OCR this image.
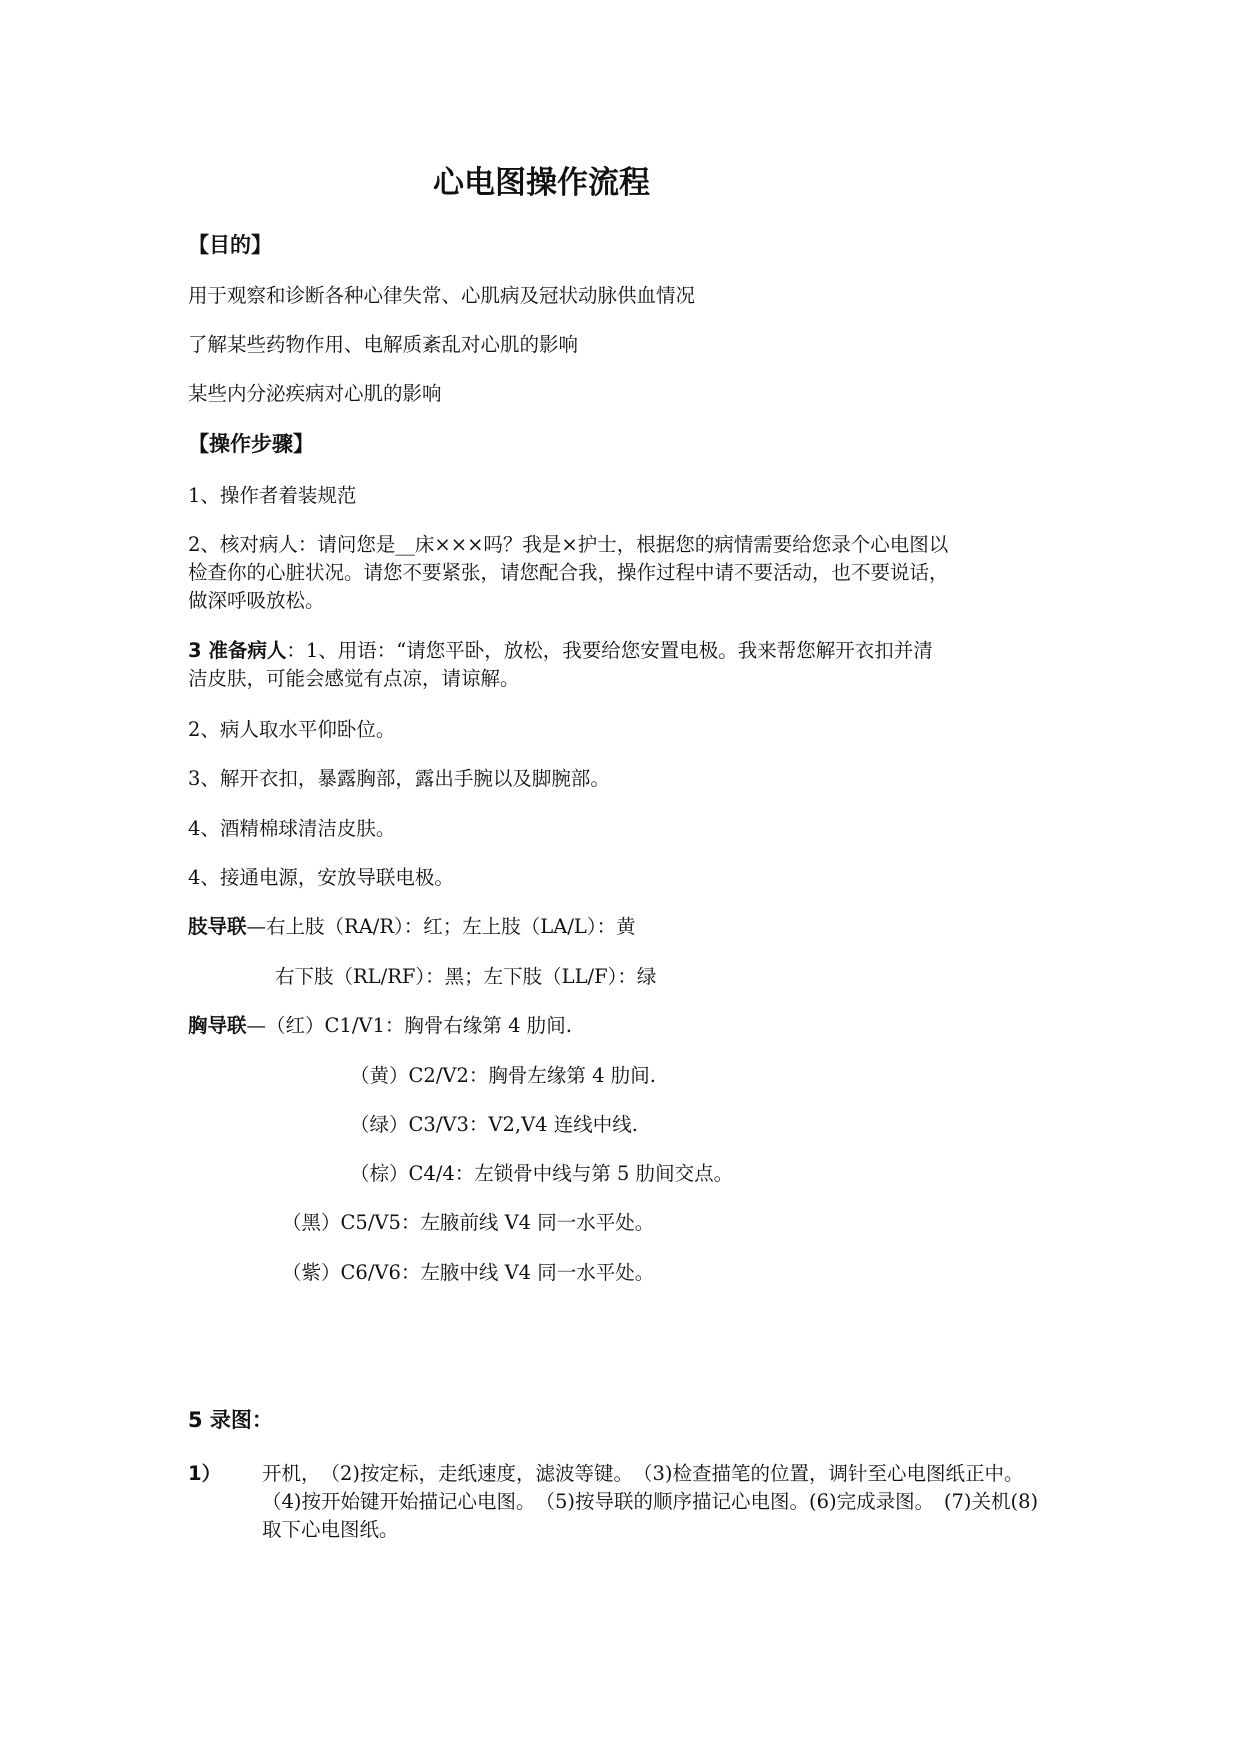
心电图操作流程
【目的】
用于观察和诊断各种心律失常、心肌病及冠状动脉供血情况
了解某些药物作用、电解质紊乱对心肌的影响
某些内分泌疾病对心肌的影响
【操作步骤】
1、操作者着装规范
2、核对病人：请问您是__床×××吗？我是×护士，根据您的病情需要给您录个心电图以
检查你的心脏状况。请您不要紧张，请您配合我，操作过程中请不要活动，也不要说话，
做深呼吸放松。
3 准备病人：1、用语：“请您平卧，放松，我要给您安置电极。我来帮您解开衣扣并清
洁皮肤，可能会感觉有点凉，请谅解。
2、病人取水平仰卧位。
3、解开衣扣，暴露胸部，露出手腕以及脚腕部。
4、酒精棉球清洁皮肤。
4、接通电源，安放导联电极。
肢导联—右上肢（RA/R）：红；左上肢（LA/L）：黄
右下肢（RL/RF）：黑；左下肢（LL/F）：绿
胸导联—（红）C1/V1：胸骨右缘第 4 肋间.
（黄）C2/V2：胸骨左缘第 4 肋间.
（绿）C3/V3：V2,V4 连线中线.
（棕）C4/4：左锁骨中线与第 5 肋间交点。
（黑）C5/V5：左腋前线 V4 同一水平处。
（紫）C6/V6：左腋中线 V4 同一水平处。
5 录图：
1） 开机，　（2)按定标，走纸速度，滤波等键。　（3)检查描笔的位置，调针至心电图纸正中。　（4)按开始键开始描记心电图。　（5)按导联的顺序描记心电图。(6)完成录图。　(7)关机(8)取下心电图纸。
